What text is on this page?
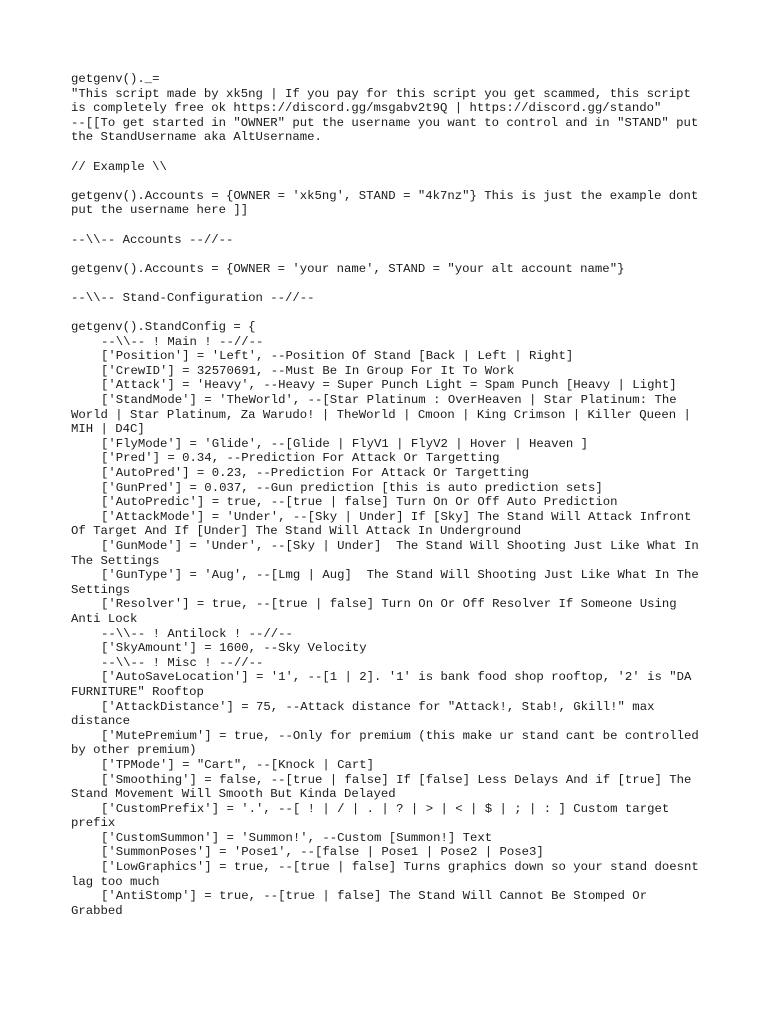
getgenv()._=
"This script made by xk5ng | If you pay for this script you get scammed, this script is completely free ok https://discord.gg/msgabv2t9Q | https://discord.gg/stando"
--[[To get started in "OWNER" put the username you want to control and in "STAND" put the StandUsername aka AltUsername.
// Example \\
getgenv().Accounts = {OWNER = 'xk5ng', STAND = "4k7nz"} This is just the example dont put the username here ]]
--\\-- Accounts --//--
getgenv().Accounts = {OWNER = 'your name', STAND = "your alt account name"}
--\\-- Stand-Configuration --//--
getgenv().StandConfig = {
--\\-- ! Main ! --//--
['Position'] = 'Left', --Position Of Stand [Back | Left | Right]
['CrewID'] = 32570691, --Must Be In Group For It To Work
['Attack'] = 'Heavy', --Heavy = Super Punch Light = Spam Punch [Heavy | Light]
['StandMode'] = 'TheWorld', --[Star Platinum : OverHeaven | Star Platinum: The World | Star Platinum, Za Warudo! | TheWorld | Cmoon | King Crimson | Killer Queen | MIH | D4C]
['FlyMode'] = 'Glide', --[Glide | FlyV1 | FlyV2 | Hover | Heaven ]
['Pred'] = 0.34, --Prediction For Attack Or Targetting
['AutoPred'] = 0.23, --Prediction For Attack Or Targetting
['GunPred'] = 0.037, --Gun prediction [this is auto prediction sets]
['AutoPredic'] = true, --[true | false] Turn On Or Off Auto Prediction
['AttackMode'] = 'Under', --[Sky | Under] If [Sky] The Stand Will Attack Infront Of Target And If [Under] The Stand Will Attack In Underground
['GunMode'] = 'Under', --[Sky | Under]  The Stand Will Shooting Just Like What In The Settings
['GunType'] = 'Aug', --[Lmg | Aug]  The Stand Will Shooting Just Like What In The Settings
['Resolver'] = true, --[true | false] Turn On Or Off Resolver If Someone Using Anti Lock
--\\-- ! Antilock ! --//--
['SkyAmount'] = 1600, --Sky Velocity
--\\-- ! Misc ! --//--
['AutoSaveLocation'] = '1', --[1 | 2]. '1' is bank food shop rooftop, '2' is "DA FURNITURE" Rooftop
['AttackDistance'] = 75, --Attack distance for "Attack!, Stab!, Gkill!" max distance
['MutePremium'] = true, --Only for premium (this make ur stand cant be controlled by other premium)
['TPMode'] = "Cart", --[Knock | Cart]
['Smoothing'] = false, --[true | false] If [false] Less Delays And if [true] The Stand Movement Will Smooth But Kinda Delayed
['CustomPrefix'] = '.', --[ ! | / | . | ? | > | < | $ | ; | : ] Custom target prefix
['CustomSummon'] = 'Summon!', --Custom [Summon!] Text
['SummonPoses'] = 'Pose1', --[false | Pose1 | Pose2 | Pose3]
['LowGraphics'] = true, --[true | false] Turns graphics down so your stand doesnt lag too much
['AntiStomp'] = true, --[true | false] The Stand Will Cannot Be Stomped Or Grabbed
